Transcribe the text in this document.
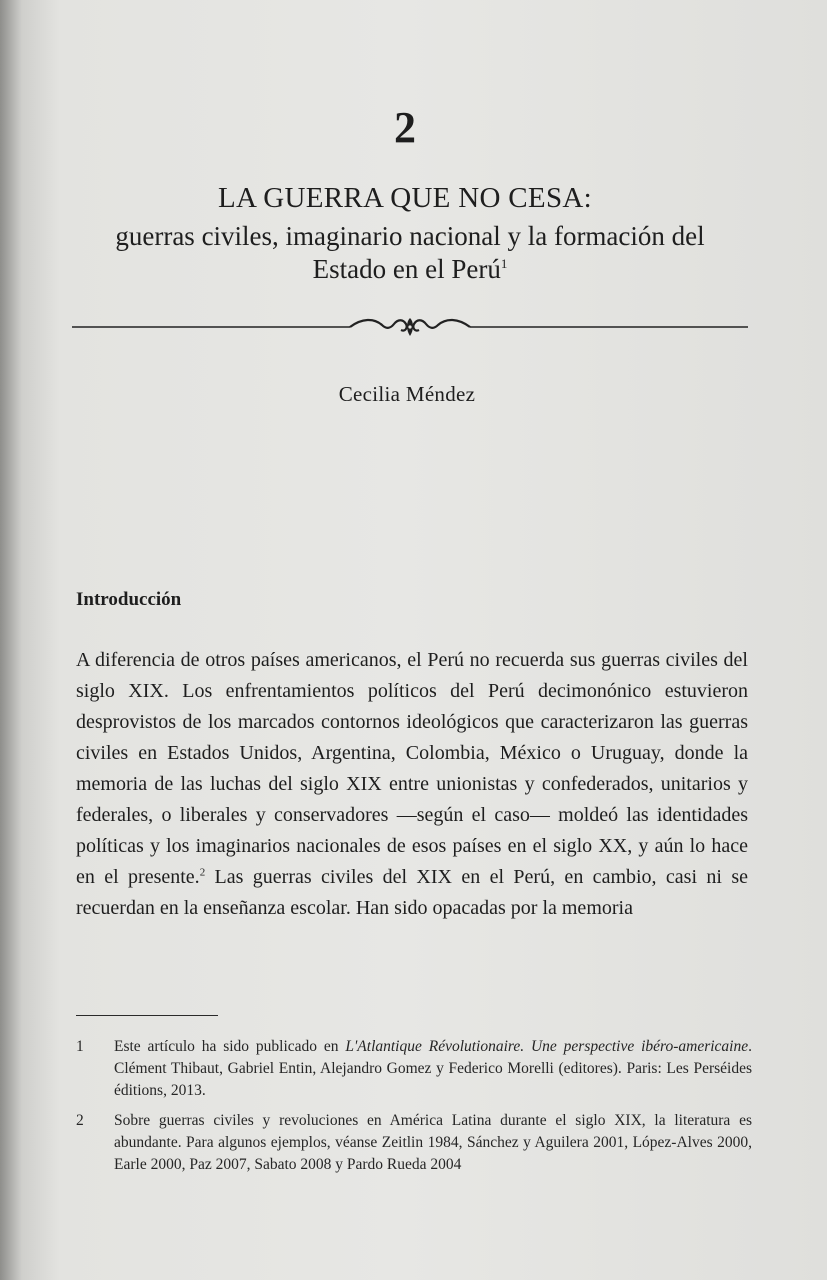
2
LA GUERRA QUE NO CESA:
guerras civiles, imaginario nacional y la formación del Estado en el Perú$^1$
Cecilia Méndez
Introducción
A diferencia de otros países americanos, el Perú no recuerda sus guerras civiles del siglo XIX. Los enfrentamientos políticos del Perú decimonónico estuvieron desprovistos de los marcados contornos ideológicos que caracterizaron las guerras civiles en Estados Unidos, Argentina, Colombia, México o Uruguay, donde la memoria de las luchas del siglo XIX entre unionistas y confederados, unitarios y federales, o liberales y conservadores —según el caso— moldeó las identidades políticas y los imaginarios nacionales de esos países en el siglo XX, y aún lo hace en el presente.$^2$ Las guerras civiles del XIX en el Perú, en cambio, casi ni se recuerdan en la enseñanza escolar. Han sido opacadas por la memoria
1	Este artículo ha sido publicado en L'Atlantique Révolutionaire. Une perspective ibéro-americaine. Clément Thibaut, Gabriel Entin, Alejandro Gomez y Federico Morelli (editores). Paris: Les Perséides éditions, 2013.
2	Sobre guerras civiles y revoluciones en América Latina durante el siglo XIX, la literatura es abundante. Para algunos ejemplos, véanse Zeitlin 1984, Sánchez y Aguilera 2001, López-Alves 2000, Earle 2000, Paz 2007, Sabato 2008 y Pardo Rueda 2004
